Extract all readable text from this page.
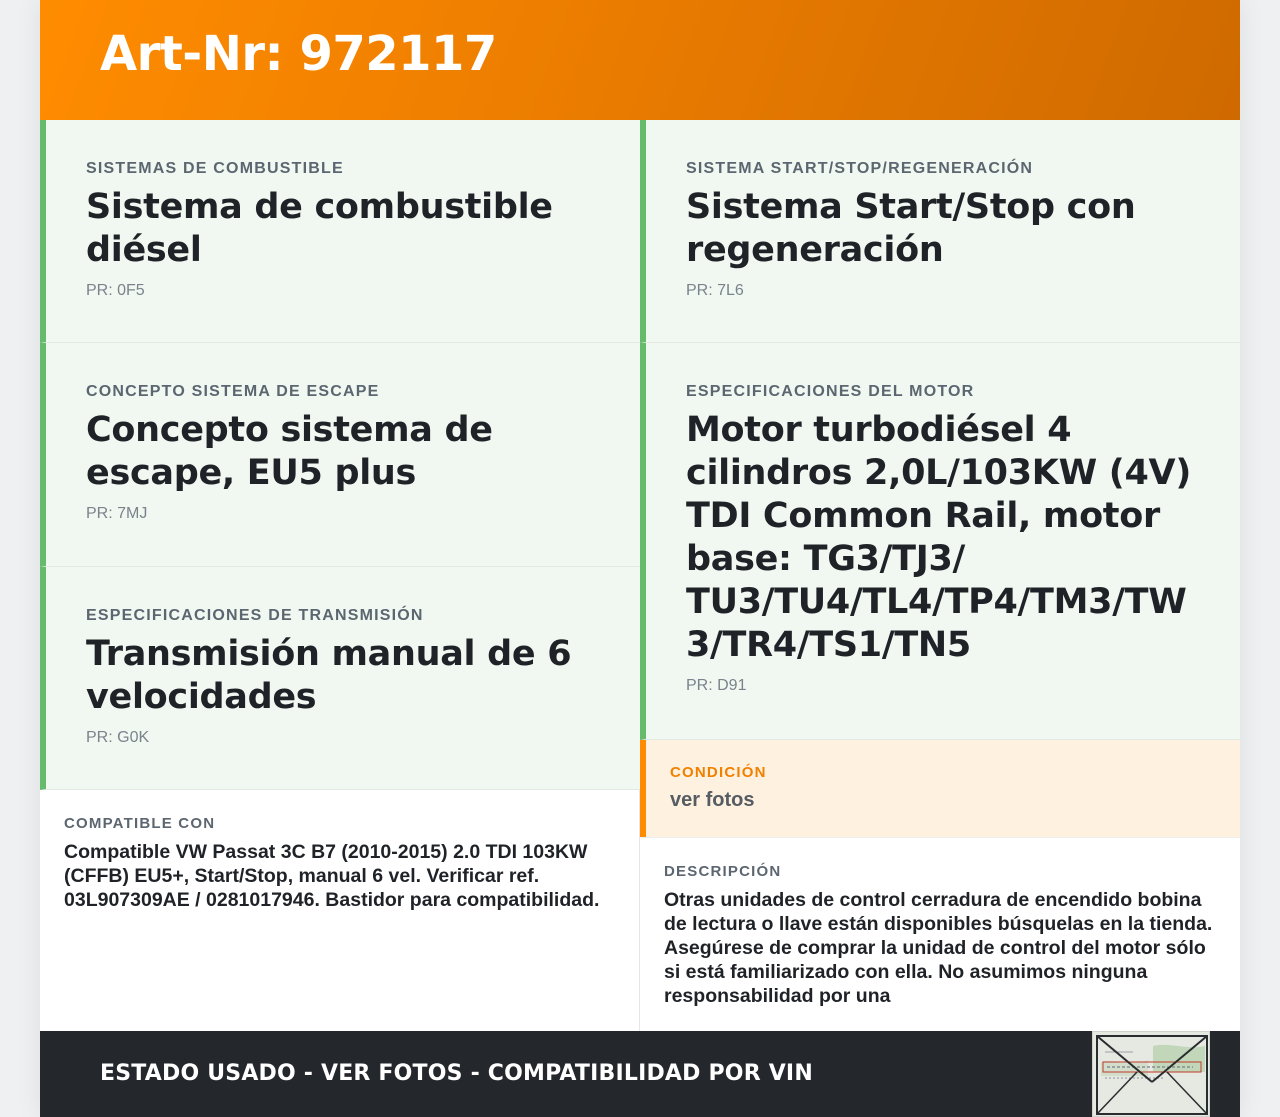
Art-Nr: 972117
SISTEMAS DE COMBUSTIBLE
Sistema de combustible diésel
PR: 0F5
SISTEMA START/STOP/REGENERACIÓN
Sistema Start/Stop con regeneración
PR: 7L6
CONCEPTO SISTEMA DE ESCAPE
Concepto sistema de escape, EU5 plus
PR: 7MJ
ESPECIFICACIONES DEL MOTOR
Motor turbodiésel 4 cilindros 2,0L/103KW (4V) TDI Common Rail, motor base: TG3/TJ3/ TU3/TU4/TL4/TP4/TM3/TW 3/TR4/TS1/TN5
PR: D91
ESPECIFICACIONES DE TRANSMISIÓN
Transmisión manual de 6 velocidades
PR: G0K
CONDICIÓN
ver fotos
COMPATIBLE CON
Compatible VW Passat 3C B7 (2010-2015) 2.0 TDI 103KW (CFFB) EU5+, Start/Stop, manual 6 vel. Verificar ref. 03L907309AE / 0281017946. Bastidor para compatibilidad.
DESCRIPCIÓN
Otras unidades de control cerradura de encendido bobina de lectura o llave están disponibles búsquelas en la tienda. Asegúrese de comprar la unidad de control del motor sólo si está familiarizado con ella. No asumimos ninguna responsabilidad por una
ESTADO USADO - VER FOTOS - COMPATIBILIDAD POR VIN
